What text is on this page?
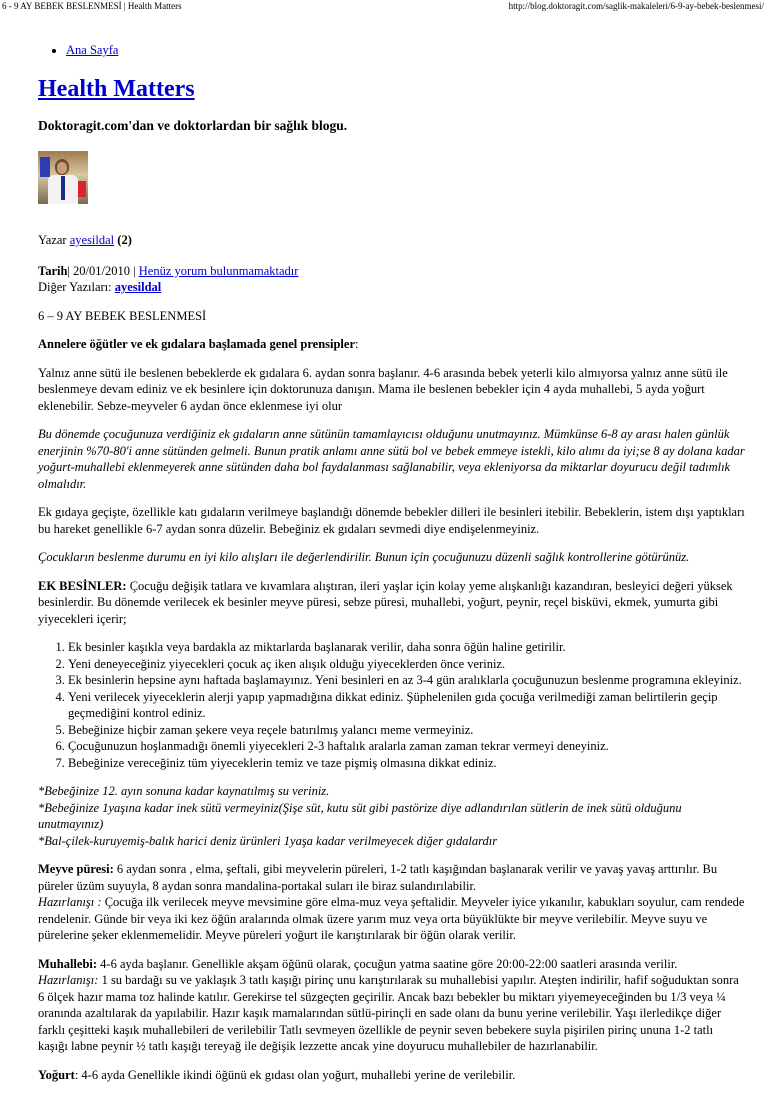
6 - 9 AY BEBEK BESLENMESİ | Health Matters	http://blog.doktoragit.com/saglik-makaleleri/6-9-ay-bebek-beslenmesi/
• Ana Sayfa
Health Matters
Doktoragit.com'dan ve doktorlardan bir sağlık blogu.
Yazar ayesildal (2)
Tarih| 20/01/2010 | Henüz yorum bulunmamaktadır
Diğer Yazıları: ayesildal

6 – 9 AY BEBEK BESLENMESİ

Annelere öğütler ve ek gıdalara başlamada genel prensipler:

Yalnız anne sütü ile beslenen bebeklerde ek gıdalara 6. aydan sonra başlanır. 4-6 arasında bebek yeterli kilo almıyorsa yalnız anne sütü ile beslenmeye devam ediniz ve ek besinlere için doktorunuza danışın. Mama ile beslenen bebekler için 4 ayda muhallebi, 5 ayda yoğurt eklenebilir. Sebze-meyveler 6 aydan önce eklenmese iyi olur

Bu dönemde çocuğunuza verdiğiniz ek gıdaların anne sütünün tamamlayıcısı olduğunu unutmayınız. Mümkünse 6-8 ay arası halen günlük enerjinin %70-80'i anne sütünden gelmeli. Bunun pratik anlamı anne sütü bol ve bebek emmeye istekli, kilo alımı da iyi;se 8 ay dolana kadar yoğurt-muhallebi eklenmeyerek anne sütünden daha bol faydalanması sağlanabilir, veya ekleniyorsa da miktarlar doyurucu değil tadımlık olmalıdır.

Ek gıdaya geçişte, özellikle katı gıdaların verilmeye başlandığı dönemde bebekler dilleri ile besinleri itebilir. Bebeklerin, istem dışı yaptıkları bu hareket genellikle 6-7 aydan sonra düzelir. Bebeğiniz ek gıdaları sevmedi diye endişelenmeyiniz.

Çocukların beslenme durumu en iyi kilo alışları ile değerlendirilir. Bunun için çocuğunuzu düzenli sağlık kontrollerine götürünüz.

EK BESİNLER: Çocuğu değişik tatlara ve kıvamlara alıştıran, ileri yaşlar için kolay yeme alışkanlığı kazandıran, besleyici değeri yüksek besinlerdir. Bu dönemde verilecek ek besinler meyve püresi, sebze püresi, muhallebi, yoğurt, peynir, reçel bisküvi, ekmek, yumurta gibi yiyecekleri içerir;

1. Ek besinler kaşıkla veya bardakla az miktarlarda başlanarak verilir, daha sonra öğün haline getirilir.
2. Yeni deneyeceğiniz yiyecekleri çocuk aç iken alışık olduğu yiyeceklerden önce veriniz.
3. Ek besinlerin hepsine aynı haftada başlamayınız. Yeni besinleri en az 3-4 gün aralıklarla çocuğunuzun beslenme programına ekleyiniz.
4. Yeni verilecek yiyeceklerin alerji yapıp yapmadığına dikkat ediniz. Şüphelenilen gıda çocuğa verilmediği zaman belirtilerin geçip geçmediğini kontrol ediniz.
5. Bebeğinize hiçbir zaman şekere veya reçele batırılmış yalancı meme vermeyiniz.
6. Çocuğunuzun hoşlanmadığı önemli yiyecekleri 2-3 haftalık aralarla zaman zaman tekrar vermeyi deneyiniz.
7. Bebeğinize vereceğiniz tüm yiyeceklerin temiz ve taze pişmiş olmasına dikkat ediniz.
*Bebeğinize 12. ayın sonuna kadar kaynatılmış su veriniz.
*Bebeğinize 1yaşına kadar inek sütü vermeyiniz(Şişe süt, kutu süt gibi pastörize diye adlandırılan sütlerin de inek sütü olduğunu unutmayınız)
*Bal-çilek-kuruyemiş-balık harici deniz ürünleri 1yaşa kadar verilmeyecek diğer gıdalardır

Meyve püresi: 6 aydan sonra , elma, şeftali, gibi meyvelerin püreleri, 1-2 tatlı kaşığından başlanarak verilir ve yavaş yavaş arttırılır. Bu püreler üzüm suyuyla, 8 aydan sonra mandalina-portakal suları ile biraz sulandırılabilir.
Hazırlanışı : Çocuğa ilk verilecek meyve mevsimine göre elma-muz veya şeftalidir. Meyveler iyice yıkanılır, kabukları soyulur, cam rendede rendelenir. Günde bir veya iki kez öğün aralarında olmak üzere yarım muz veya orta büyüklükte bir meyve verilebilir. Meyve suyu ve pürelerine şeker eklenmemelidir. Meyve püreleri yoğurt ile karıştırılarak bir öğün olarak verilir.

Muhallebi: 4-6 ayda başlanır. Genellikle akşam öğünü olarak, çocuğun yatma saatine göre 20:00-22:00 saatleri arasında verilir.
Hazırlanışı: 1 su bardağı su ve yaklaşık 3 tatlı kaşığı pirinç unu karıştırılarak su muhallebisi yapılır. Ateşten indirilir, hafif soğuduktan sonra 6 ölçek hazır mama toz halinde katılır. Gerekirse tel süzgeçten geçirilir. Ancak bazı bebekler bu miktarı yiyemeyeceğinden bu 1/3 veya ¼ oranında azaltılarak da yapılabilir. Hazır kaşık mamalarından sütlü-pirinçli en sade olanı da bunu yerine verilebilir. Yaşı ilerledikçe diğer farklı çeşitteki kaşık muhallebileri de verilebilir Tatlı sevmeyen özellikle de peynir seven bebekere suyla pişirilen pirinç ununa 1-2 tatlı kaşığı labne peynir ½ tatlı kaşığı tereyağ ile değişik lezzette ancak yine doyurucu muhallebiler de hazırlanabilir.

Yoğurt: 4-6 ayda Genellikle ikindi öğünü ek gıdası olan yoğurt, muhallebi yerine de verilebilir.
